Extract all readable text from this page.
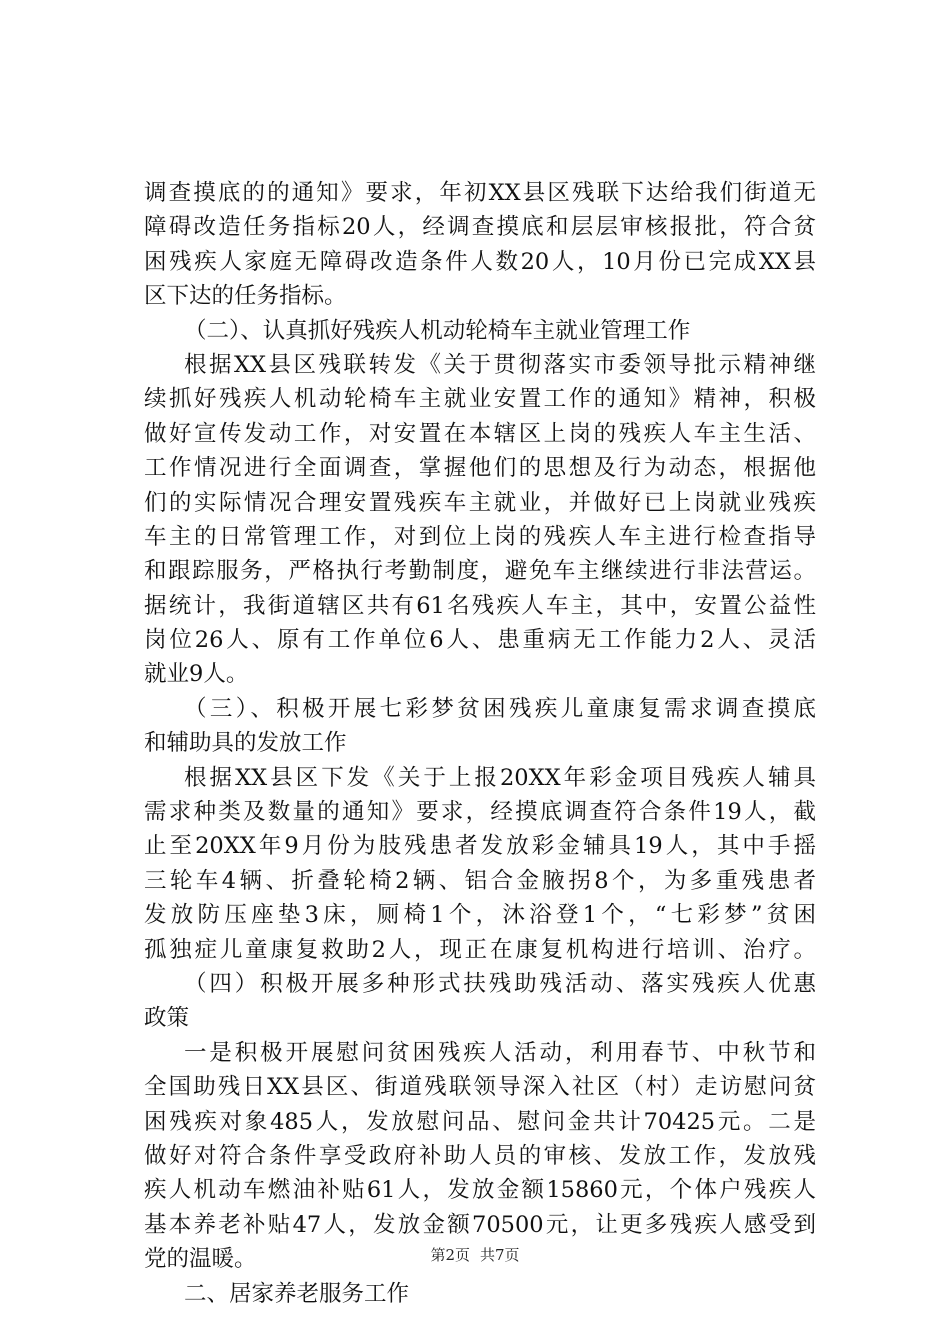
调查摸底的的通知》要求，年初XX县区残联下达给我们街道无
障碍改造任务指标20人，经调查摸底和层层审核报批，符合贫
困残疾人家庭无障碍改造条件人数20人，10月份已完成XX县
区下达的任务指标。
（二）、认真抓好残疾人机动轮椅车主就业管理工作
根据XX县区残联转发《关于贯彻落实市委领导批示精神继
续抓好残疾人机动轮椅车主就业安置工作的通知》精神，积极
做好宣传发动工作，对安置在本辖区上岗的残疾人车主生活、
工作情况进行全面调查，掌握他们的思想及行为动态，根据他
们的实际情况合理安置残疾车主就业，并做好已上岗就业残疾
车主的日常管理工作，对到位上岗的残疾人车主进行检查指导
和跟踪服务，严格执行考勤制度，避免车主继续进行非法营运。
据统计，我街道辖区共有61名残疾人车主，其中，安置公益性
岗位26人、原有工作单位6人、患重病无工作能力2人、灵活
就业9人。
（三）、积极开展七彩梦贫困残疾儿童康复需求调查摸底
和辅助具的发放工作
根据XX县区下发《关于上报20XX年彩金项目残疾人辅具
需求种类及数量的通知》要求，经摸底调查符合条件19人，截
止至20XX年9月份为肢残患者发放彩金辅具19人，其中手摇
三轮车4辆、折叠轮椅2辆、铝合金腋拐8个，为多重残患者
发放防压座垫3床，厕椅1个，沐浴登1个，“七彩梦”贫困
孤独症儿童康复救助2人，现正在康复机构进行培训、治疗。
（四）积极开展多种形式扶残助残活动、落实残疾人优惠
政策
一是积极开展慰问贫困残疾人活动，利用春节、中秋节和
全国助残日XX县区、街道残联领导深入社区（村）走访慰问贫
困残疾对象485人，发放慰问品、慰问金共计70425元。二是
做好对符合条件享受政府补助人员的审核、发放工作，发放残
疾人机动车燃油补贴61人，发放金额15860元，个体户残疾人
基本养老补贴47人，发放金额70500元，让更多残疾人感受到
党的温暖。
二、居家养老服务工作
第2页 共7页
